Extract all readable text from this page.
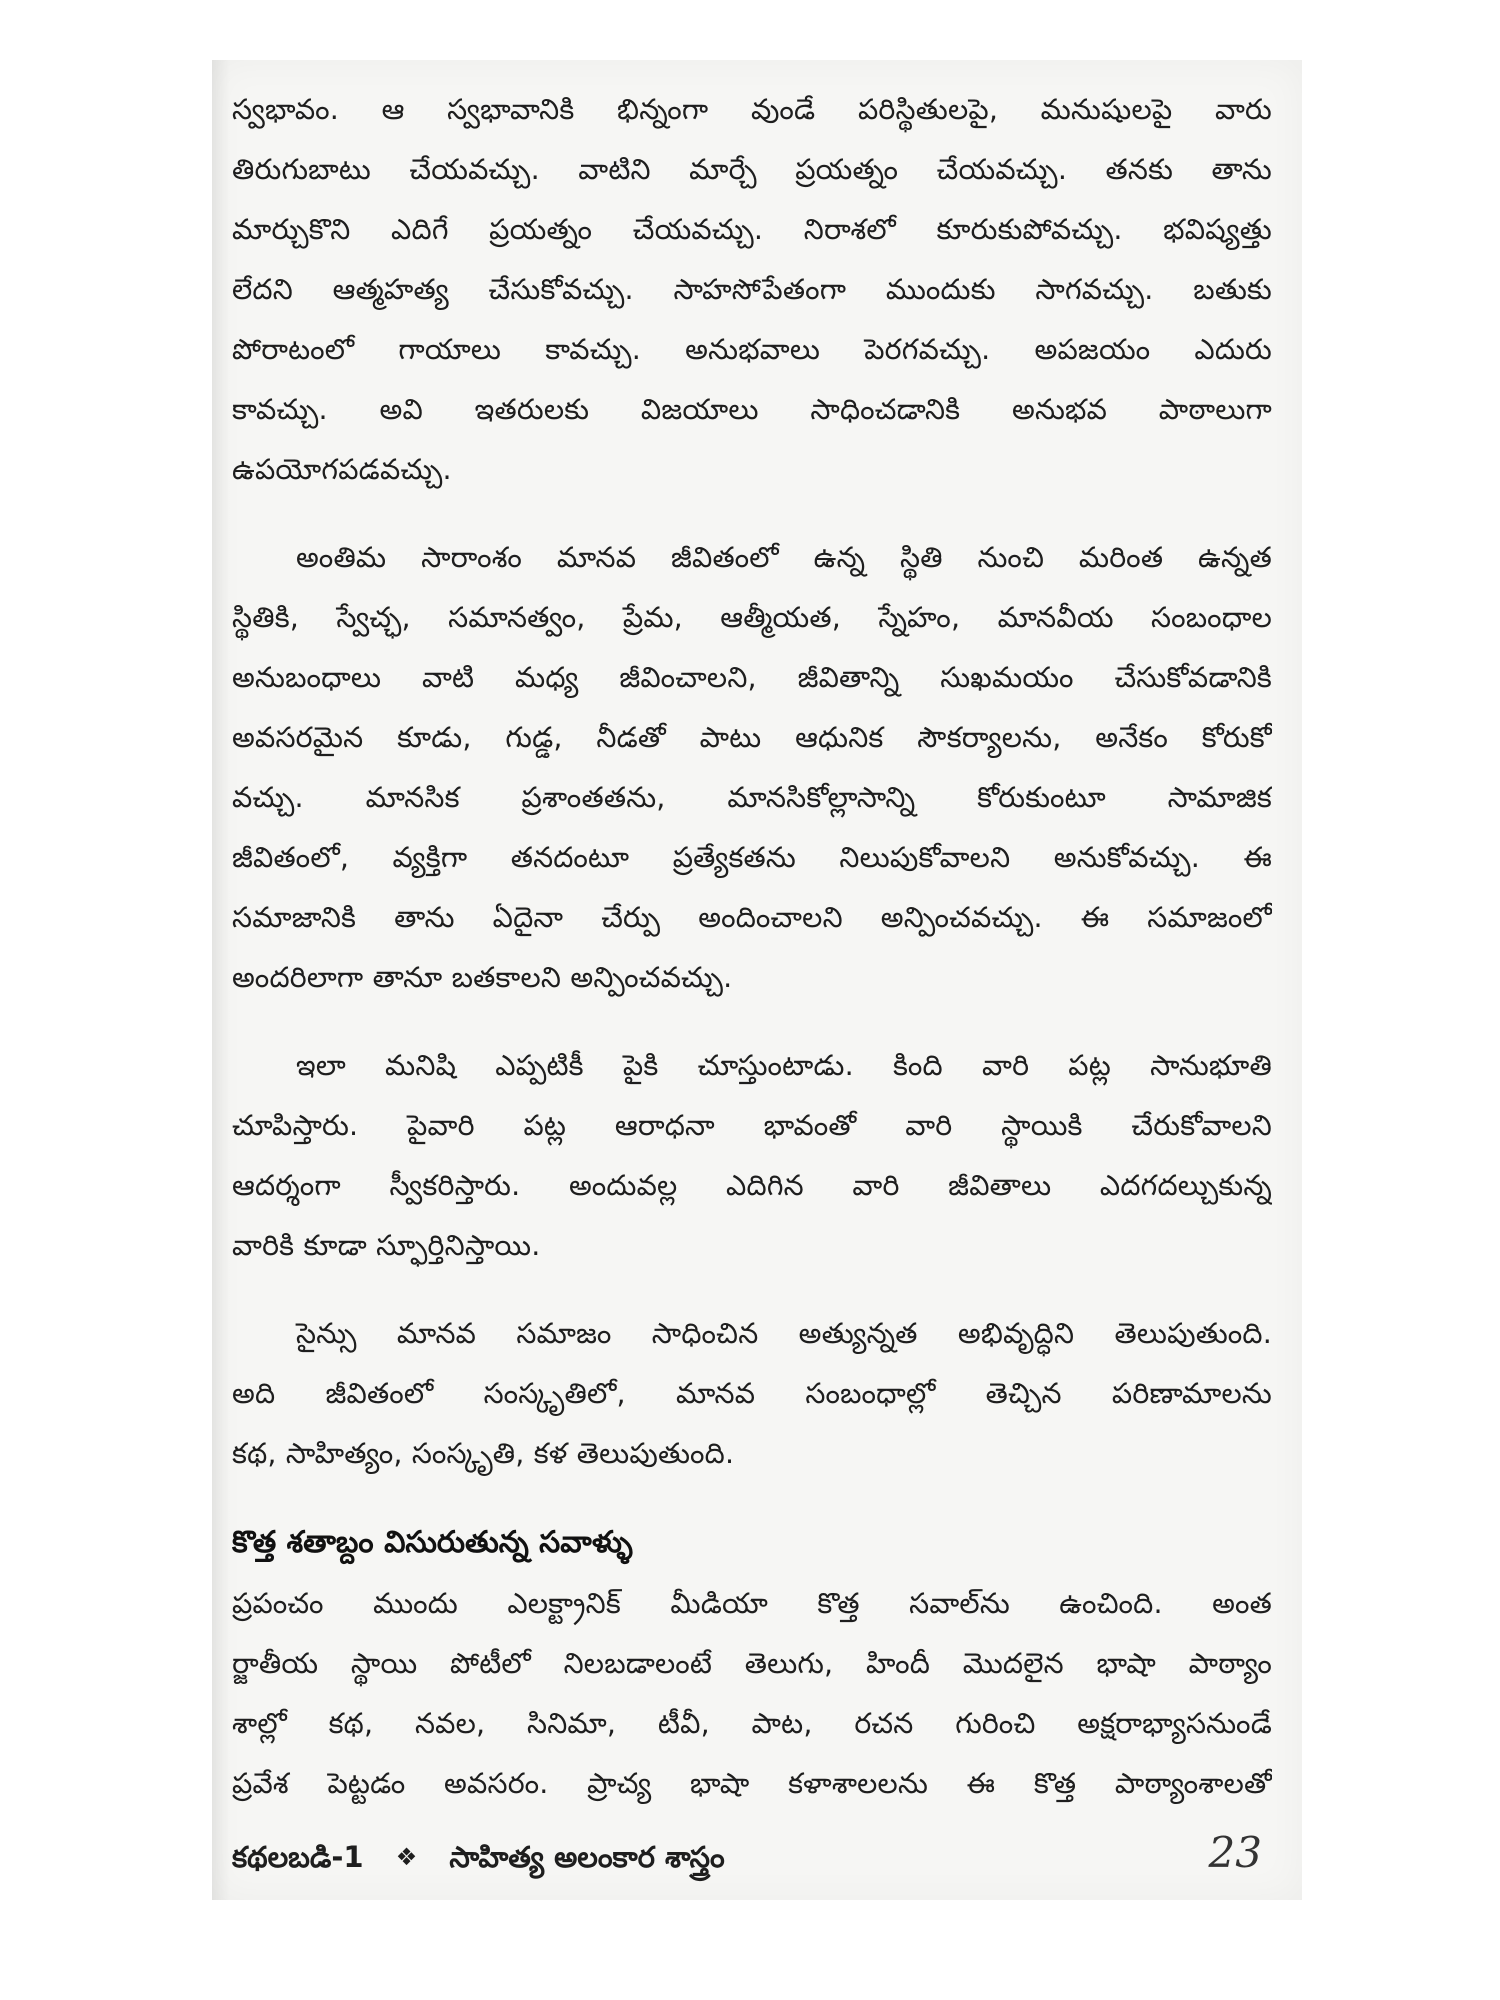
స్వభావం. ఆ స్వభావానికి భిన్నంగా వుండే పరిస్థితులపై, మనుషులపై వారు
తిరుగుబాటు చేయవచ్చు. వాటిని మార్చే ప్రయత్నం చేయవచ్చు. తనకు తాను
మార్చుకొని ఎదిగే ప్రయత్నం చేయవచ్చు. నిరాశలో కూరుకుపోవచ్చు. భవిష్యత్తు
లేదని ఆత్మహత్య చేసుకోవచ్చు. సాహసోపేతంగా ముందుకు సాగవచ్చు. బతుకు
పోరాటంలో గాయాలు కావచ్చు. అనుభవాలు పెరగవచ్చు. అపజయం ఎదురు
కావచ్చు. అవి ఇతరులకు విజయాలు సాధించడానికి అనుభవ పాఠాలుగా
ఉపయోగపడవచ్చు.

అంతిమ సారాంశం మానవ జీవితంలో ఉన్న స్థితి నుంచి మరింత ఉన్నత
స్థితికి, స్వేచ్ఛ, సమానత్వం, ప్రేమ, ఆత్మీయత, స్నేహం, మానవీయ సంబంధాల
అనుబంధాలు వాటి మధ్య జీవించాలని, జీవితాన్ని సుఖమయం చేసుకోవడానికి
అవసరమైన కూడు, గుడ్డ, నీడతో పాటు ఆధునిక సౌకర్యాలను, అనేకం కోరుకో
వచ్చు. మానసిక ప్రశాంతతను, మానసికోల్లాసాన్ని కోరుకుంటూ సామాజిక
జీవితంలో, వ్యక్తిగా తనదంటూ ప్రత్యేకతను నిలుపుకోవాలని అనుకోవచ్చు. ఈ
సమాజానికి తాను ఏదైనా చేర్పు అందించాలని అన్పించవచ్చు. ఈ సమాజంలో
అందరిలాగా తానూ బతకాలని అన్పించవచ్చు.

ఇలా మనిషి ఎప్పటికీ పైకి చూస్తుంటాడు. కింది వారి పట్ల సానుభూతి
చూపిస్తారు. పైవారి పట్ల ఆరాధనా భావంతో వారి స్థాయికి చేరుకోవాలని
ఆదర్శంగా స్వీకరిస్తారు. అందువల్ల ఎదిగిన వారి జీవితాలు ఎదగదల్చుకున్న
వారికి కూడా స్ఫూర్తినిస్తాయి.

సైన్సు మానవ సమాజం సాధించిన అత్యున్నత అభివృద్ధిని తెలుపుతుంది.
అది జీవితంలో సంస్కృతిలో, మానవ సంబంధాల్లో తెచ్చిన పరిణామాలను
కథ, సాహిత్యం, సంస్కృతి, కళ తెలుపుతుంది.

కొత్త శతాబ్దం విసురుతున్న సవాళ్ళు

ప్రపంచం ముందు ఎలక్ట్రానిక్ మీడియా కొత్త సవాల్‌ను ఉంచింది. అంత
ర్జాతీయ స్థాయి పోటీలో నిలబడాలంటే తెలుగు, హిందీ మొదలైన భాషా పాఠ్యాం
శాల్లో కథ, నవల, సినిమా, టీవీ, పాట, రచన గురించి అక్షరాభ్యాసనుండే
ప్రవేశ పెట్టడం అవసరం. ప్రాచ్య భాషా కళాశాలలను ఈ కొత్త పాఠ్యాంశాలతో

కథలబడి-1 ❖ సాహిత్య అలంకార శాస్త్రం	23
